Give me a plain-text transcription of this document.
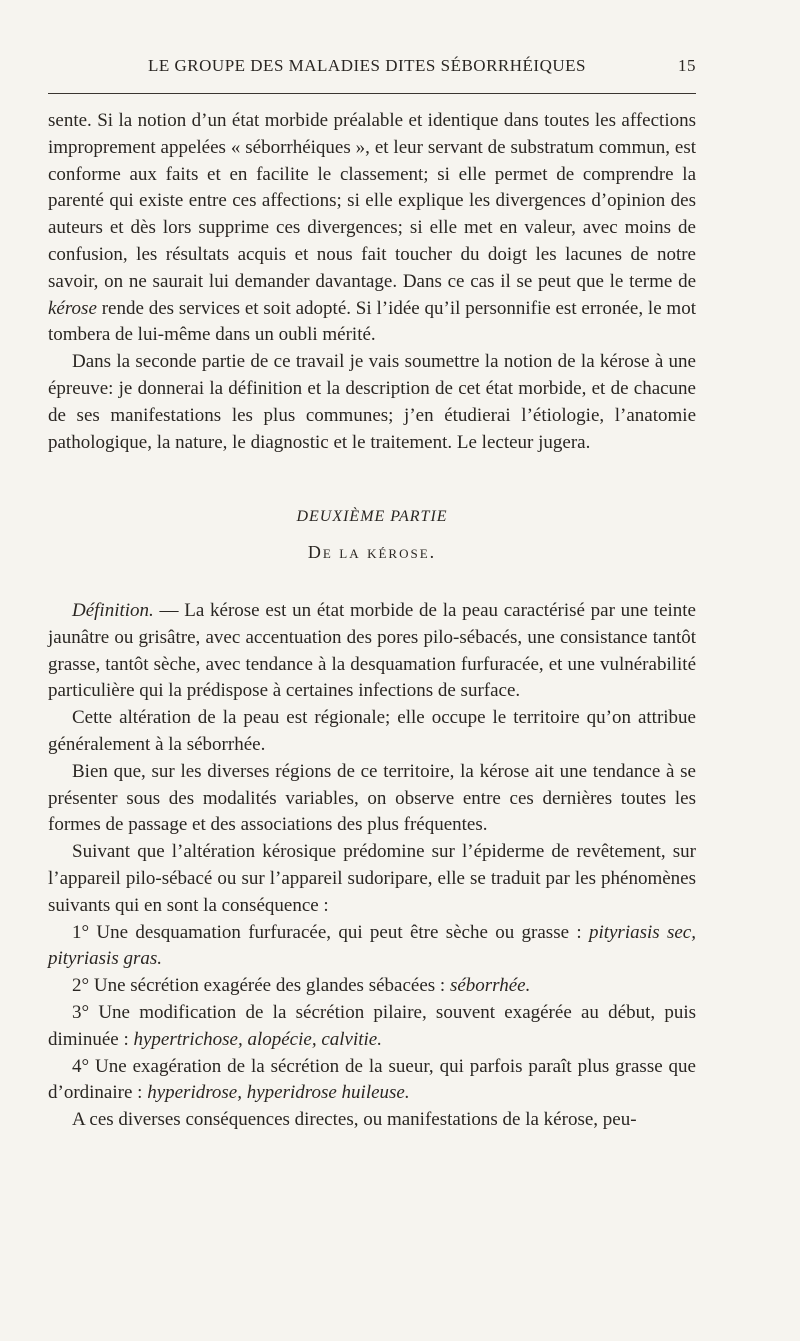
LE GROUPE DES MALADIES DITES SÉBORRHÉIQUES	15

sente. Si la notion d’un état morbide préalable et identique dans toutes les affections improprement appelées « séborrhéiques », et leur servant de substratum commun, est conforme aux faits et en facilite le classement; si elle permet de comprendre la parenté qui existe entre ces affections; si elle explique les divergences d’opinion des auteurs et dès lors supprime ces divergences; si elle met en valeur, avec moins de confusion, les résultats acquis et nous fait toucher du doigt les lacunes de notre savoir, on ne saurait lui demander davantage. Dans ce cas il se peut que le terme de kérose rende des services et soit adopté. Si l’idée qu’il personnifie est erronée, le mot tombera de lui-même dans un oubli mérité.

Dans la seconde partie de ce travail je vais soumettre la notion de la kérose à une épreuve: je donnerai la définition et la description de cet état morbide, et de chacune de ses manifestations les plus communes; j’en étudierai l’étiologie, l’anatomie pathologique, la nature, le diagnostic et le traitement. Le lecteur jugera.

DEUXIÈME PARTIE

De la kérose.

Définition. — La kérose est un état morbide de la peau caractérisé par une teinte jaunâtre ou grisâtre, avec accentuation des pores pilo-sébacés, une consistance tantôt grasse, tantôt sèche, avec tendance à la desquamation furfuracée, et une vulnérabilité particulière qui la prédispose à certaines infections de surface.

Cette altération de la peau est régionale; elle occupe le territoire qu’on attribue généralement à la séborrhée.

Bien que, sur les diverses régions de ce territoire, la kérose ait une tendance à se présenter sous des modalités variables, on observe entre ces dernières toutes les formes de passage et des associations des plus fréquentes.

Suivant que l’altération kérosique prédomine sur l’épiderme de revêtement, sur l’appareil pilo-sébacé ou sur l’appareil sudoripare, elle se traduit par les phénomènes suivants qui en sont la conséquence :

1° Une desquamation furfuracée, qui peut être sèche ou grasse : pityriasis sec, pityriasis gras.

2° Une sécrétion exagérée des glandes sébacées : séborrhée.

3° Une modification de la sécrétion pilaire, souvent exagérée au début, puis diminuée : hypertrichose, alopécie, calvitie.

4° Une exagération de la sécrétion de la sueur, qui parfois paraît plus grasse que d’ordinaire : hyperidrose, hyperidrose huileuse.

A ces diverses conséquences directes, ou manifestations de la kérose, peu-
